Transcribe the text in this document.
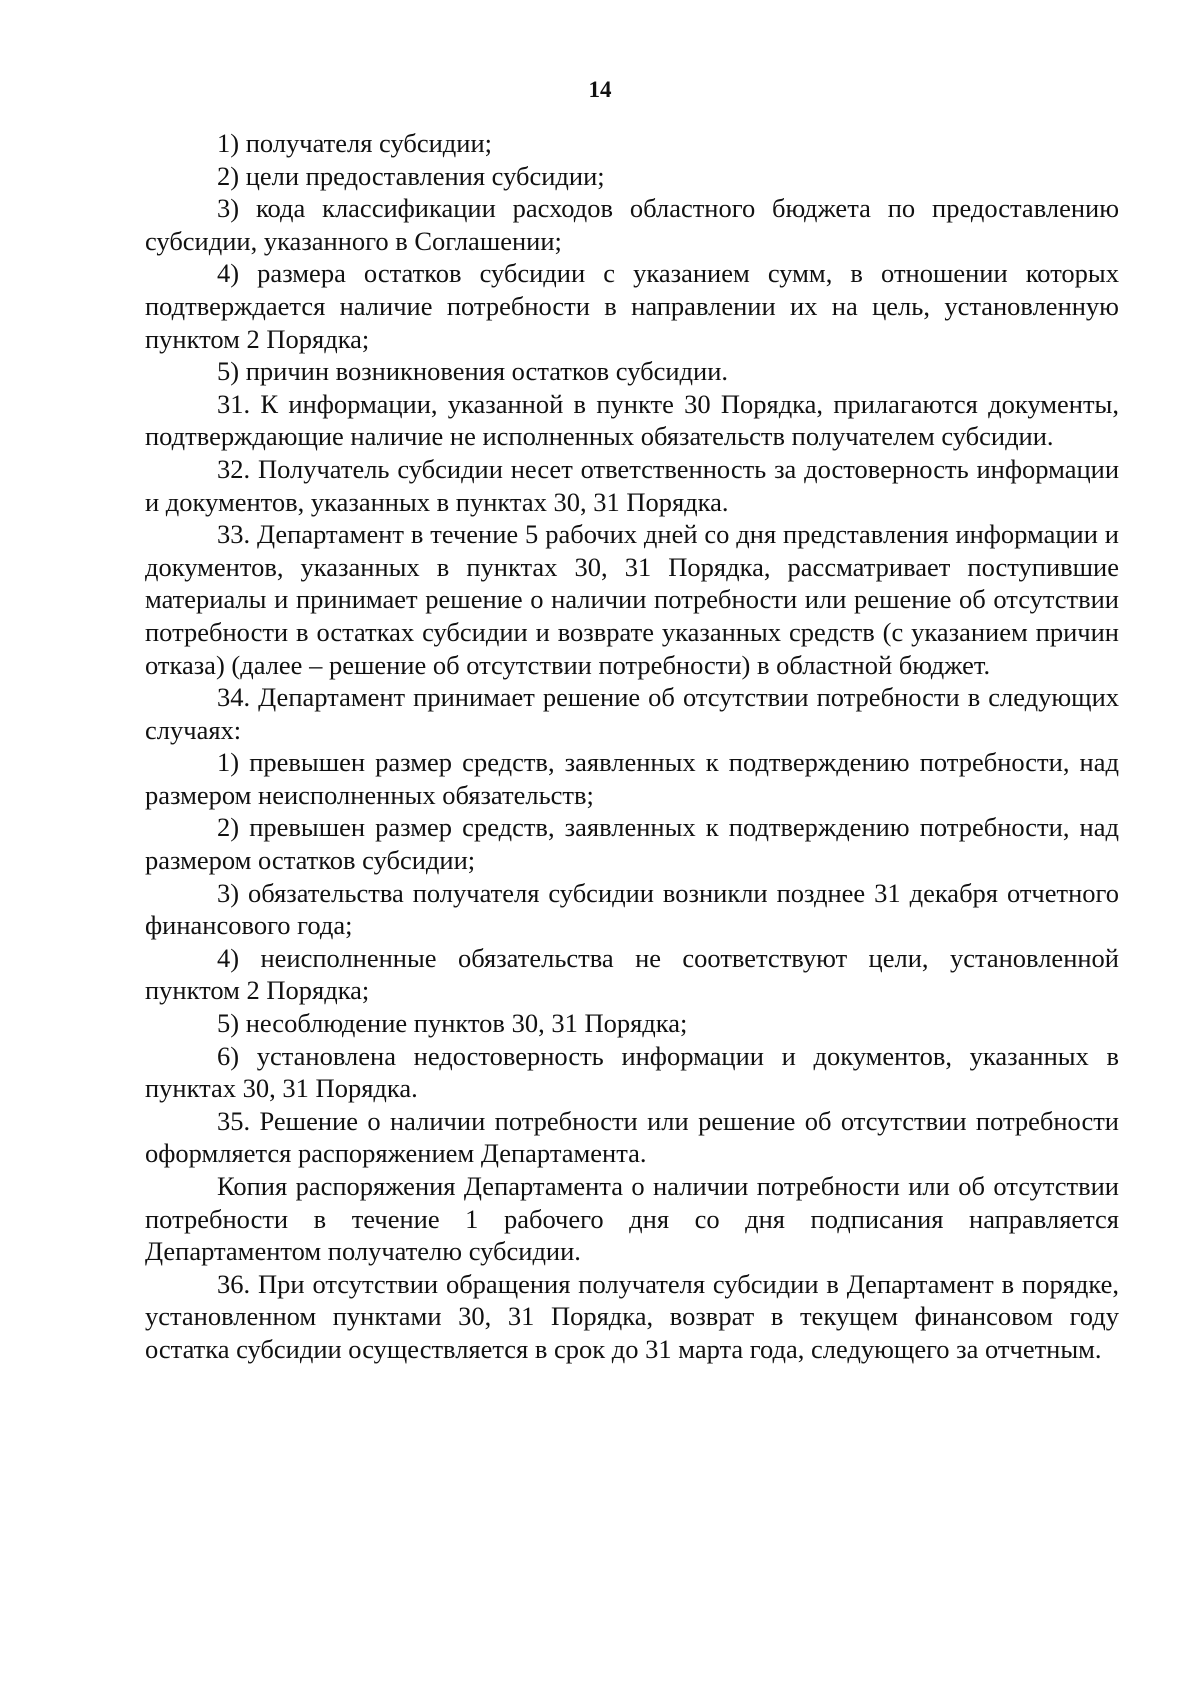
14

1) получателя субсидии;

2) цели предоставления субсидии;

3) кода классификации расходов областного бюджета по предоставлению субсидии, указанного в Соглашении;

4) размера остатков субсидии с указанием сумм, в отношении которых подтверждается наличие потребности в направлении их на цель, установленную пунктом 2 Порядка;

5) причин возникновения остатков субсидии.

31. К информации, указанной в пункте 30 Порядка, прилагаются документы, подтверждающие наличие не исполненных обязательств получателем субсидии.

32. Получатель субсидии несет ответственность за достоверность информации и документов, указанных в пунктах 30, 31 Порядка.

33. Департамент в течение 5 рабочих дней со дня представления информации и документов, указанных в пунктах 30, 31 Порядка, рассматривает поступившие материалы и принимает решение о наличии потребности или решение об отсутствии потребности в остатках субсидии и возврате указанных средств (с указанием причин отказа) (далее – решение об отсутствии потребности) в областной бюджет.

34. Департамент принимает решение об отсутствии потребности в следующих случаях:

1) превышен размер средств, заявленных к подтверждению потребности, над размером неисполненных обязательств;

2) превышен размер средств, заявленных к подтверждению потребности, над размером остатков субсидии;

3) обязательства получателя субсидии возникли позднее 31 декабря отчетного финансового года;

4) неисполненные обязательства не соответствуют цели, установленной пунктом 2 Порядка;

5) несоблюдение пунктов 30, 31 Порядка;

6) установлена недостоверность информации и документов, указанных в пунктах 30, 31 Порядка.

35. Решение о наличии потребности или решение об отсутствии потребности оформляется распоряжением Департамента.

Копия распоряжения Департамента о наличии потребности или об отсутствии потребности в течение 1 рабочего дня со дня подписания направляется Департаментом получателю субсидии.

36. При отсутствии обращения получателя субсидии в Департамент в порядке, установленном пунктами 30, 31 Порядка, возврат в текущем финансовом году остатка субсидии осуществляется в срок до 31 марта года, следующего за отчетным.
